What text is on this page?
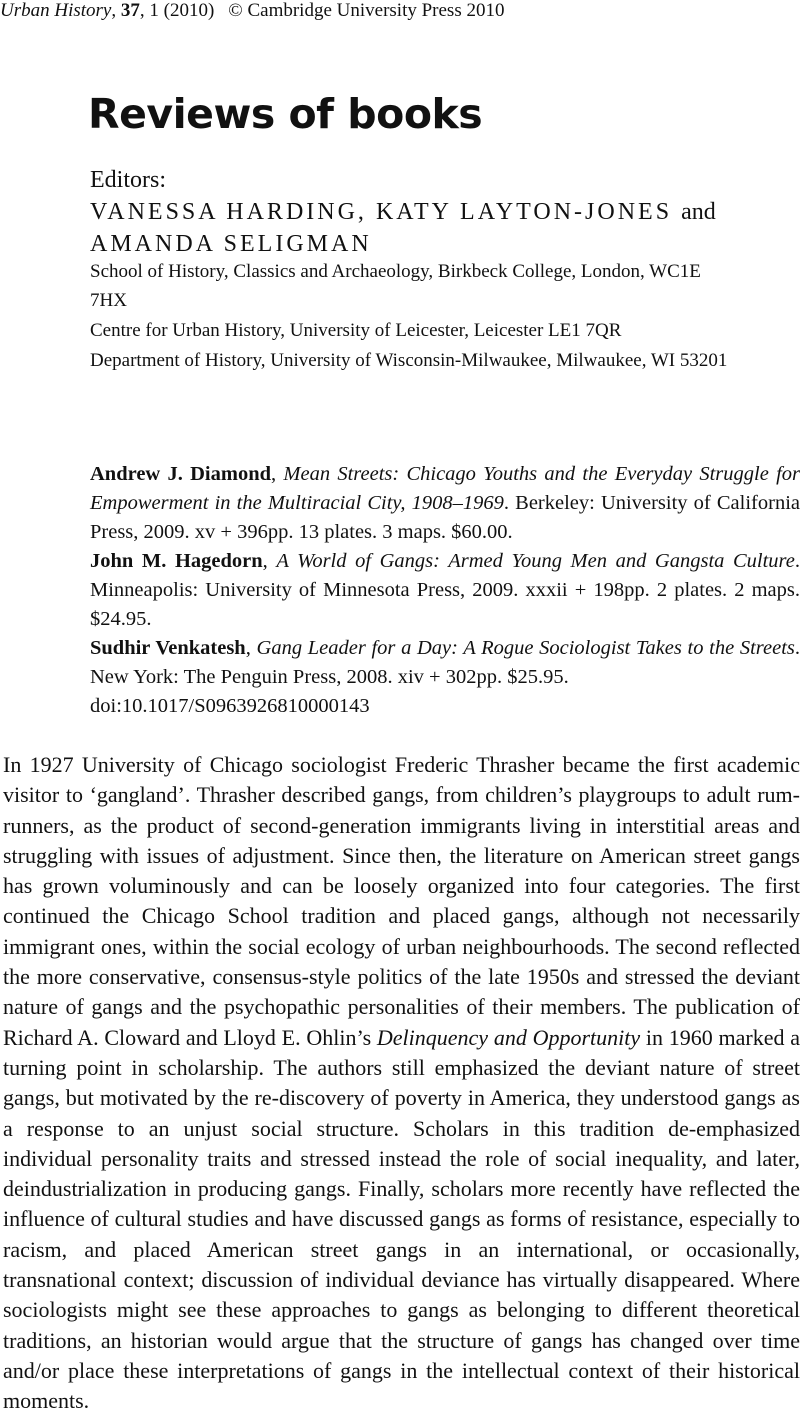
Urban History, 37, 1 (2010) © Cambridge University Press 2010
Reviews of books
Editors:
VANESSA HARDING, KATY LAYTON-JONES and
AMANDA SELIGMAN
School of History, Classics and Archaeology, Birkbeck College, London, WC1E 7HX
Centre for Urban History, University of Leicester, Leicester LE1 7QR
Department of History, University of Wisconsin-Milwaukee, Milwaukee, WI 53201

Andrew J. Diamond, Mean Streets: Chicago Youths and the Everyday Struggle for Empowerment in the Multiracial City, 1908–1969. Berkeley: University of California Press, 2009. xv + 396pp. 13 plates. 3 maps. $60.00.

John M. Hagedorn, A World of Gangs: Armed Young Men and Gangsta Culture. Minneapolis: University of Minnesota Press, 2009. xxxii + 198pp. 2 plates. 2 maps. $24.95.

Sudhir Venkatesh, Gang Leader for a Day: A Rogue Sociologist Takes to the Streets. New York: The Penguin Press, 2008. xiv + 302pp. $25.95.

doi:10.1017/S0963926810000143

In 1927 University of Chicago sociologist Frederic Thrasher became the first academic visitor to ‘gangland’. Thrasher described gangs, from children’s playgroups to adult rum-runners, as the product of second-generation immigrants living in interstitial areas and struggling with issues of adjustment. Since then, the literature on American street gangs has grown voluminously and can be loosely organized into four categories. The first continued the Chicago School tradition and placed gangs, although not necessarily immigrant ones, within the social ecology of urban neighbourhoods. The second reflected the more conservative, consensus-style politics of the late 1950s and stressed the deviant nature of gangs and the psychopathic personalities of their members. The publication of Richard A. Cloward and Lloyd E. Ohlin’s Delinquency and Opportunity in 1960 marked a turning point in scholarship. The authors still emphasized the deviant nature of street gangs, but motivated by the re-discovery of poverty in America, they understood gangs as a response to an unjust social structure. Scholars in this tradition de-emphasized individual personality traits and stressed instead the role of social inequality, and later, deindustrialization in producing gangs. Finally, scholars more recently have reflected the influence of cultural studies and have discussed gangs as forms of resistance, especially to racism, and placed American street gangs in an international, or occasionally, transnational context; discussion of individual deviance has virtually disappeared. Where sociologists might see these approaches to gangs as belonging to different theoretical traditions, an historian would argue that the structure of gangs has changed over time and/or place these interpretations of gangs in the intellectual context of their historical moments.
